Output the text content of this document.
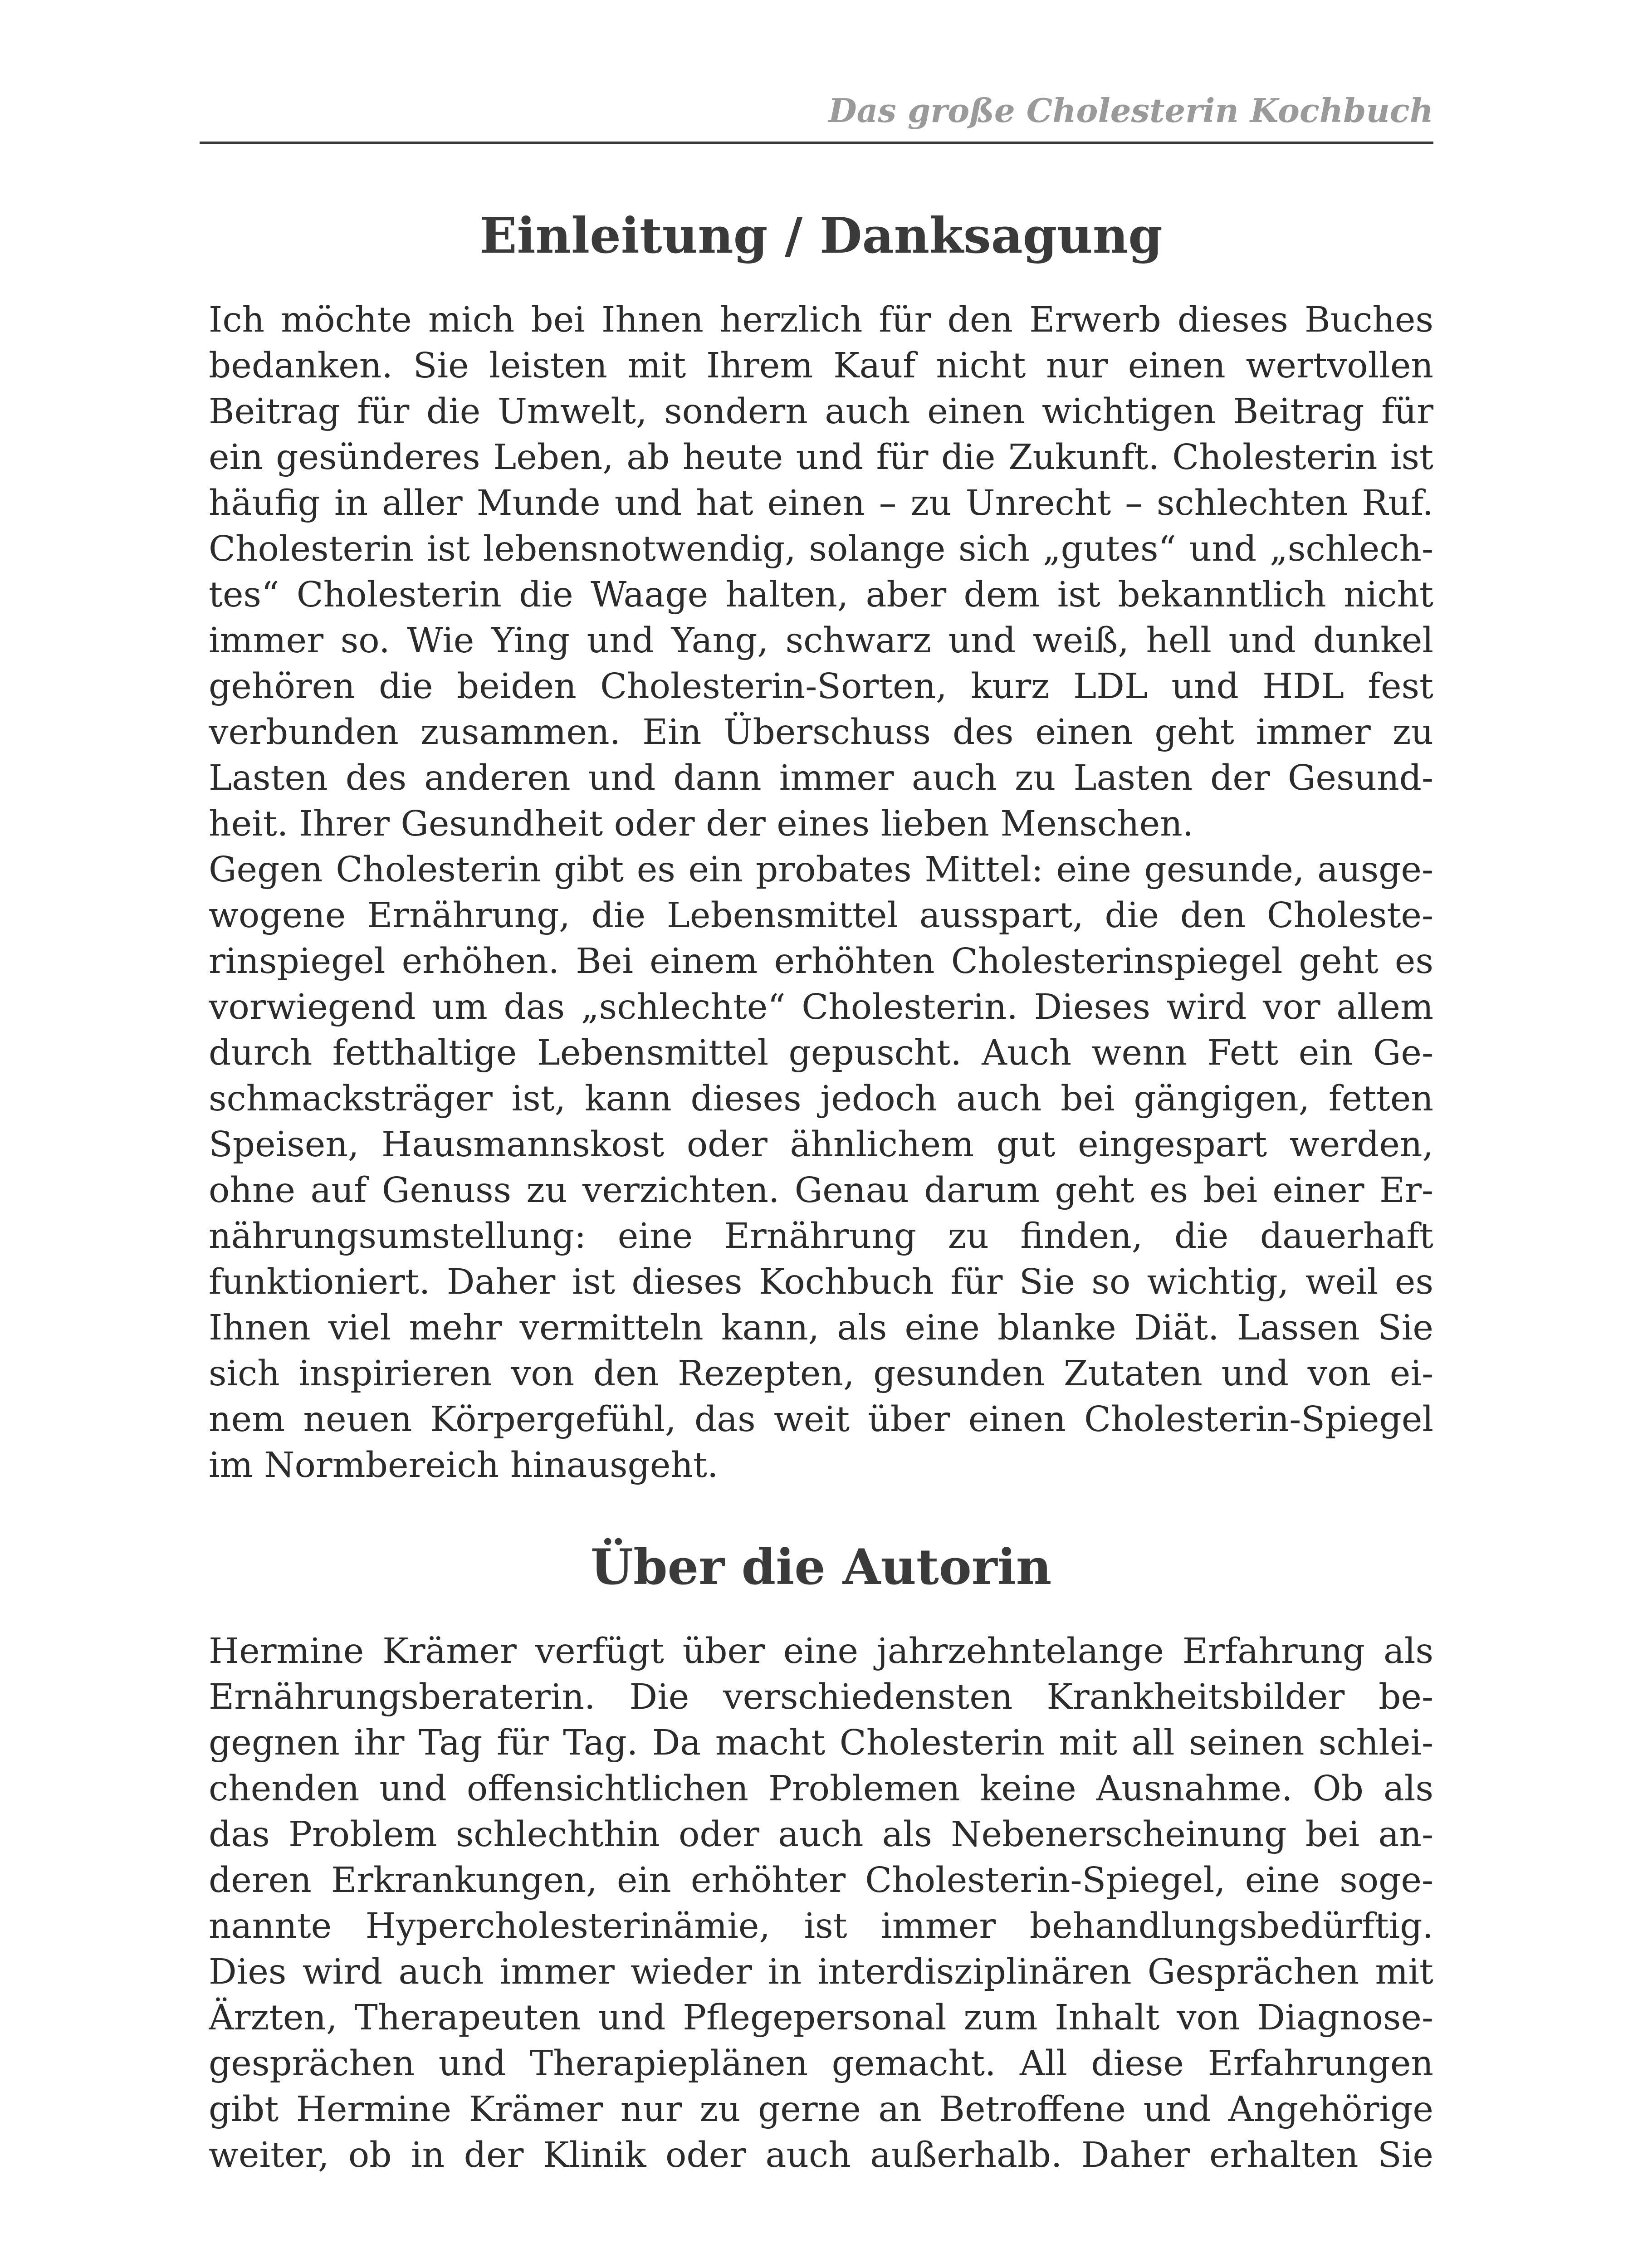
Das große Cholesterin Kochbuch
Einleitung / Danksagung
Ich möchte mich bei Ihnen herzlich für den Erwerb dieses Buches
bedanken. Sie leisten mit Ihrem Kauf nicht nur einen wertvollen
Beitrag für die Umwelt, sondern auch einen wichtigen Beitrag für
ein gesünderes Leben, ab heute und für die Zukunft. Cholesterin ist
häufig in aller Munde und hat einen – zu Unrecht – schlechten Ruf.
Cholesterin ist lebensnotwendig, solange sich „gutes“ und „schlech-
tes“ Cholesterin die Waage halten, aber dem ist bekanntlich nicht
immer so. Wie Ying und Yang, schwarz und weiß, hell und dunkel
gehören die beiden Cholesterin-Sorten, kurz LDL und HDL fest
verbunden zusammen. Ein Überschuss des einen geht immer zu
Lasten des anderen und dann immer auch zu Lasten der Gesund-
heit. Ihrer Gesundheit oder der eines lieben Menschen.
Gegen Cholesterin gibt es ein probates Mittel: eine gesunde, ausge-
wogene Ernährung, die Lebensmittel ausspart, die den Choleste-
rinspiegel erhöhen. Bei einem erhöhten Cholesterinspiegel geht es
vorwiegend um das „schlechte“ Cholesterin. Dieses wird vor allem
durch fetthaltige Lebensmittel gepuscht. Auch wenn Fett ein Ge-
schmacksträger ist, kann dieses jedoch auch bei gängigen, fetten
Speisen, Hausmannskost oder ähnlichem gut eingespart werden,
ohne auf Genuss zu verzichten. Genau darum geht es bei einer Er-
nährungsumstellung: eine Ernährung zu finden, die dauerhaft
funktioniert. Daher ist dieses Kochbuch für Sie so wichtig, weil es
Ihnen viel mehr vermitteln kann, als eine blanke Diät. Lassen Sie
sich inspirieren von den Rezepten, gesunden Zutaten und von ei-
nem neuen Körpergefühl, das weit über einen Cholesterin-Spiegel
im Normbereich hinausgeht.
Über die Autorin
Hermine Krämer verfügt über eine jahrzehntelange Erfahrung als
Ernährungsberaterin. Die verschiedensten Krankheitsbilder be-
gegnen ihr Tag für Tag. Da macht Cholesterin mit all seinen schlei-
chenden und offensichtlichen Problemen keine Ausnahme. Ob als
das Problem schlechthin oder auch als Nebenerscheinung bei an-
deren Erkrankungen, ein erhöhter Cholesterin-Spiegel, eine soge-
nannte Hypercholesterinämie, ist immer behandlungsbedürftig.
Dies wird auch immer wieder in interdisziplinären Gesprächen mit
Ärzten, Therapeuten und Pflegepersonal zum Inhalt von Diagnose-
gesprächen und Therapieplänen gemacht. All diese Erfahrungen
gibt Hermine Krämer nur zu gerne an Betroffene und Angehörige
weiter, ob in der Klinik oder auch außerhalb. Daher erhalten Sie
